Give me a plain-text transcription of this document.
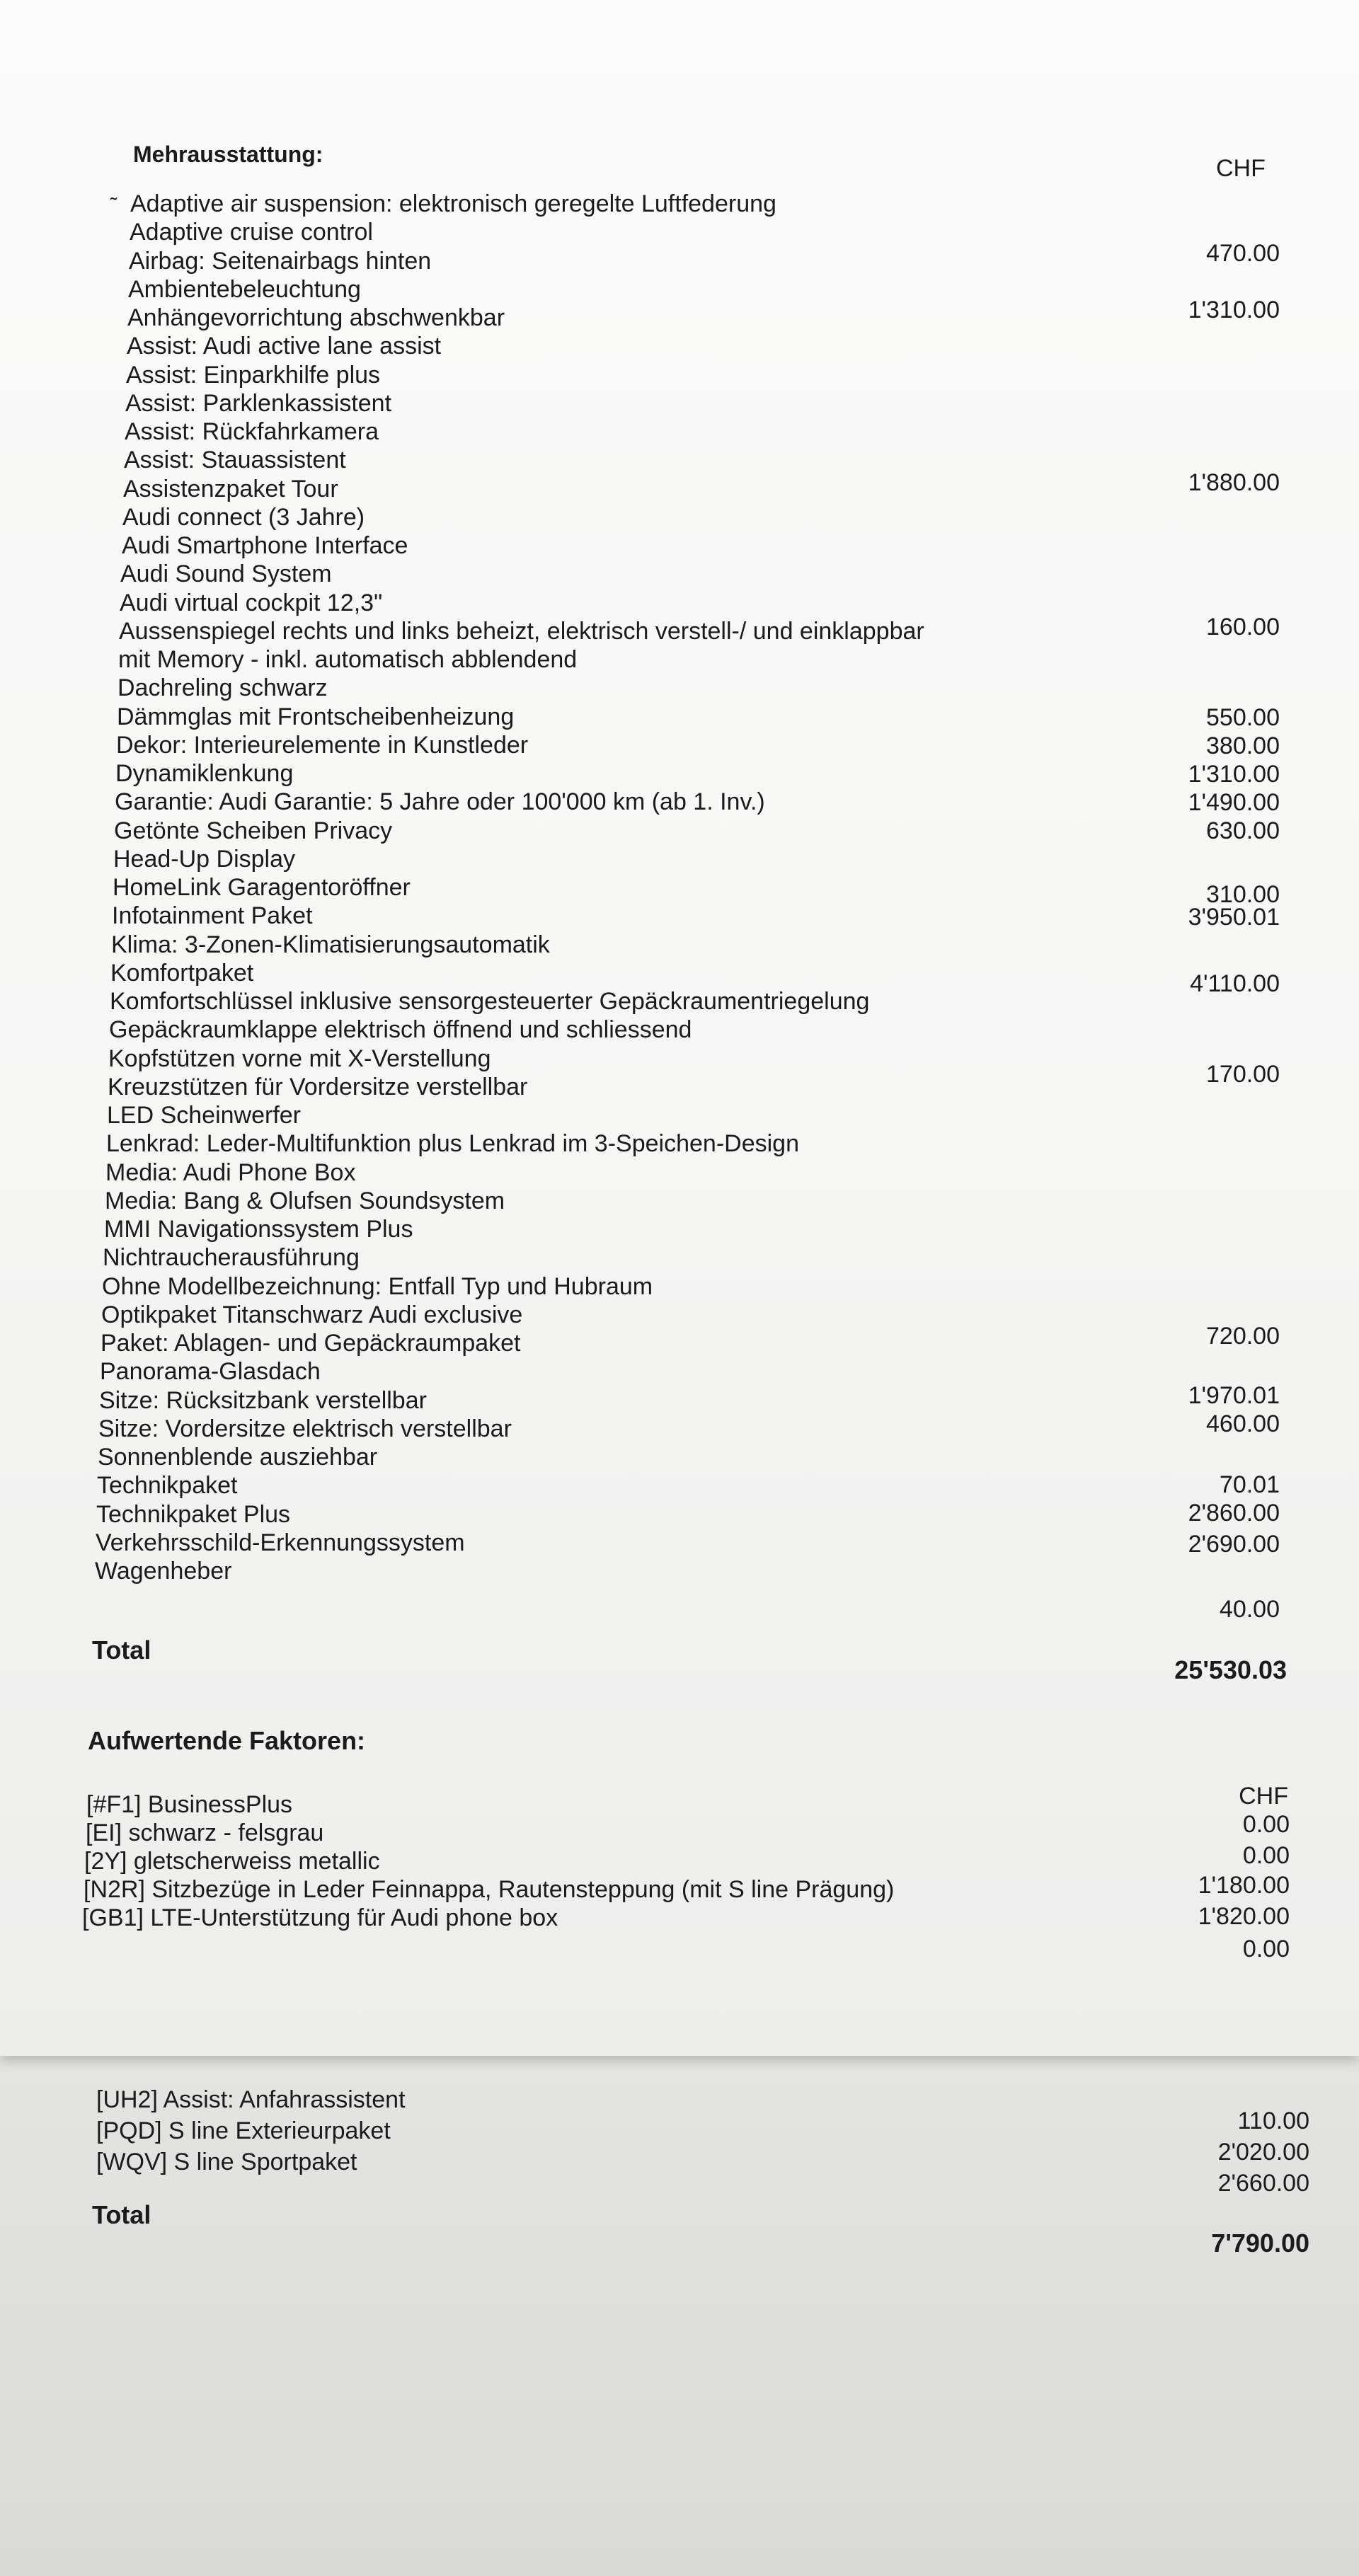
Mehrausstattung:
CHF
˜ Adaptive air suspension: elektronisch geregelte Luftfederung
Adaptive cruise control
Airbag: Seitenairbags hinten
Ambientebeleuchtung
Anhängevorrichtung abschwenkbar
Assist: Audi active lane assist
Assist: Einparkhilfe plus
Assist: Parklenkassistent
Assist: Rückfahrkamera
Assist: Stauassistent
Assistenzpaket Tour
Audi connect (3 Jahre)
Audi Smartphone Interface
Audi Sound System
Audi virtual cockpit 12,3"
Aussenspiegel rechts und links beheizt, elektrisch verstell-/ und einklappbar
mit Memory - inkl. automatisch abblendend
Dachreling schwarz
Dämmglas mit Frontscheibenheizung
Dekor: Interieurelemente in Kunstleder
Dynamiklenkung
Garantie: Audi Garantie: 5 Jahre oder 100'000 km (ab 1. Inv.)
Getönte Scheiben Privacy
Head-Up Display
HomeLink Garagentoröffner
Infotainment Paket
Klima: 3-Zonen-Klimatisierungsautomatik
Komfortpaket
Komfortschlüssel inklusive sensorgesteuerter Gepäckraumentriegelung
Gepäckraumklappe elektrisch öffnend und schliessend
Kopfstützen vorne mit X-Verstellung
Kreuzstützen für Vordersitze verstellbar
LED Scheinwerfer
Lenkrad: Leder-Multifunktion plus Lenkrad im 3-Speichen-Design
Media: Audi Phone Box
Media: Bang & Olufsen Soundsystem
MMI Navigationssystem Plus
Nichtraucherausführung
Ohne Modellbezeichnung: Entfall Typ und Hubraum
Optikpaket Titanschwarz Audi exclusive
Paket: Ablagen- und Gepäckraumpaket
Panorama-Glasdach
Sitze: Rücksitzbank verstellbar
Sitze: Vordersitze elektrisch verstellbar
Sonnenblende ausziehbar
Technikpaket
Technikpaket Plus
Verkehrsschild-Erkennungssystem
Wagenheber
470.00
1'310.00
1'880.00
160.00
550.00
380.00
1'310.00
1'490.00
630.00
310.00
3'950.01
4'110.00
170.00
720.00
1'970.01
460.00
70.01
2'860.00
2'690.00
40.00
Total
25'530.03
Aufwertende Faktoren:
CHF
[#F1] BusinessPlus
[EI] schwarz - felsgrau
[2Y] gletscherweiss metallic
[N2R] Sitzbezüge in Leder Feinnappa, Rautensteppung (mit S line Prägung)
[GB1] LTE-Unterstützung für Audi phone box
0.00
0.00
1'180.00
1'820.00
0.00
[UH2] Assist: Anfahrassistent
[PQD] S line Exterieurpaket
[WQV] S line Sportpaket
110.00
2'020.00
2'660.00
Total
7'790.00
